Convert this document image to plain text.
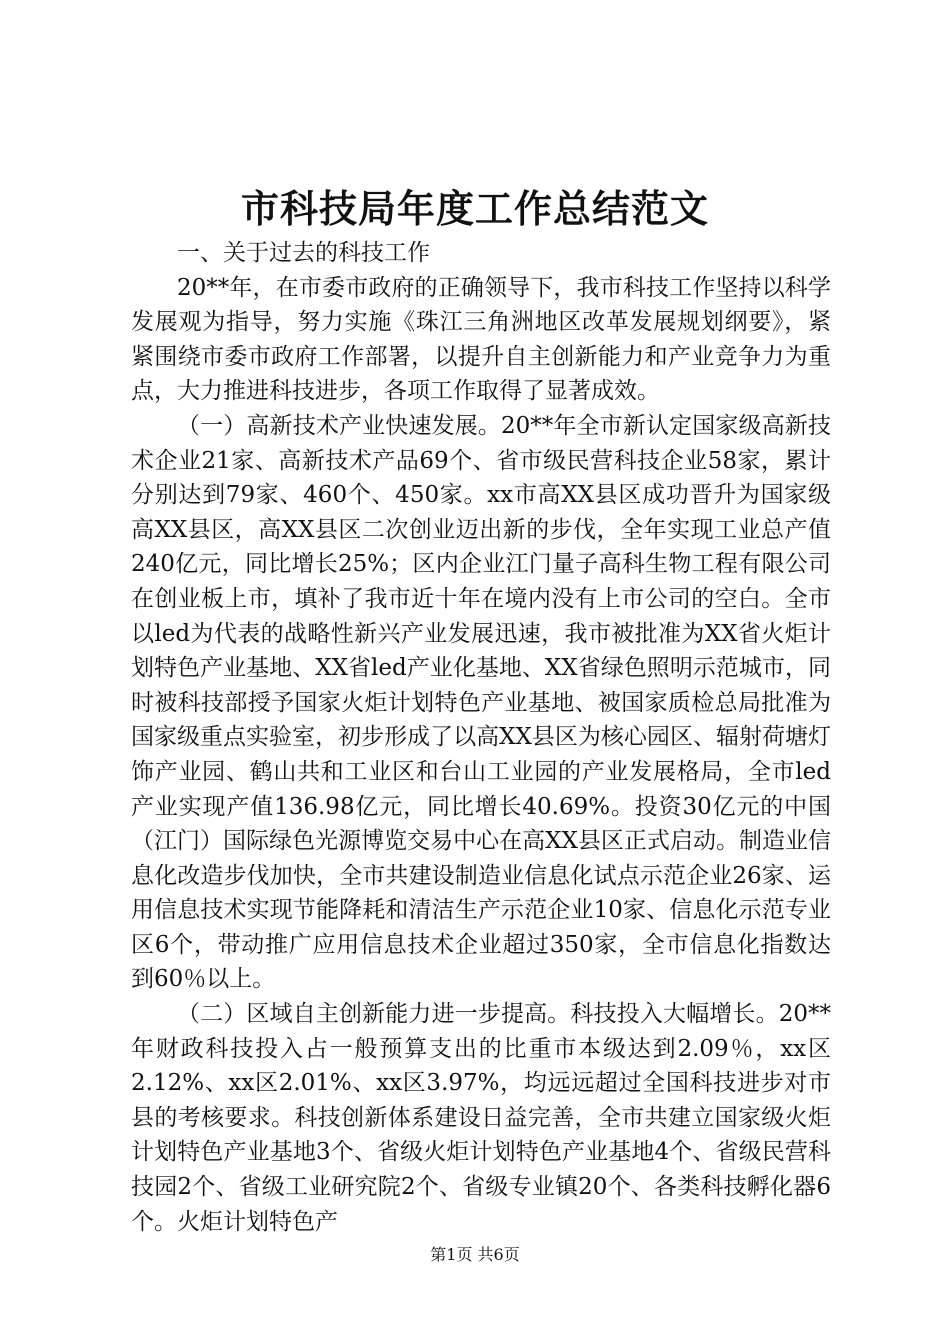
市科技局年度工作总结范文

一、关于过去的科技工作

20**年，在市委市政府的正确领导下，我市科技工作坚持以科学发展观为指导，努力实施《珠江三角洲地区改革发展规划纲要》，紧紧围绕市委市政府工作部署，以提升自主创新能力和产业竞争力为重点，大力推进科技进步，各项工作取得了显著成效。

（一）高新技术产业快速发展。20**年全市新认定国家级高新技术企业21家、高新技术产品69个、省市级民营科技企业58家，累计分别达到79家、460个、450家。xx市高XX县区成功晋升为国家级高XX县区，高XX县区二次创业迈出新的步伐，全年实现工业总产值240亿元，同比增长25%；区内企业江门量子高科生物工程有限公司在创业板上市，填补了我市近十年在境内没有上市公司的空白。全市以led为代表的战略性新兴产业发展迅速，我市被批准为XX省火炬计划特色产业基地、XX省led产业化基地、XX省绿色照明示范城市，同时被科技部授予国家火炬计划特色产业基地、被国家质检总局批准为国家级重点实验室，初步形成了以高XX县区为核心园区、辐射荷塘灯饰产业园、鹤山共和工业区和台山工业园的产业发展格局，全市led产业实现产值136.98亿元，同比增长40.69%。投资30亿元的中国（江门）国际绿色光源博览交易中心在高XX县区正式启动。制造业信息化改造步伐加快，全市共建设制造业信息化试点示范企业26家、运用信息技术实现节能降耗和清洁生产示范企业10家、信息化示范专业区6个，带动推广应用信息技术企业超过350家，全市信息化指数达到60％以上。

（二）区域自主创新能力进一步提高。科技投入大幅增长。20**年财政科技投入占一般预算支出的比重市本级达到2.09％，xx区2.12%、xx区2.01%、xx区3.97%，均远远超过全国科技进步对市县的考核要求。科技创新体系建设日益完善，全市共建立国家级火炬计划特色产业基地3个、省级火炬计划特色产业基地4个、省级民营科技园2个、省级工业研究院2个、省级专业镇20个、各类科技孵化器6个。火炬计划特色产

第1页 共6页
